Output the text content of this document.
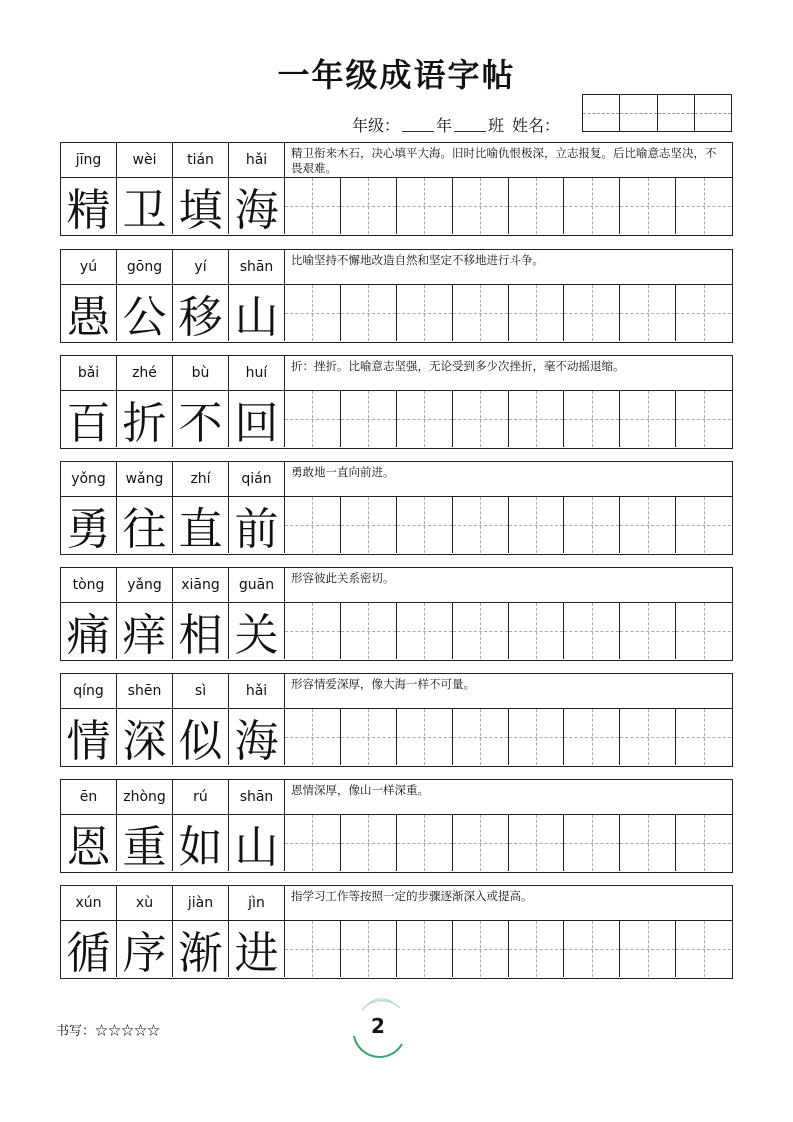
一年级成语字帖
年级： 年 班 姓名：
jīng	wèi	tián	hǎi	精卫衔来木石，决心填平大海。旧时比喻仇恨极深，立志报复。后比喻意志坚决，不畏艰难。
精 卫 填 海
yú	gōng	yí	shān	比喻坚持不懈地改造自然和坚定不移地进行斗争。
愚 公 移 山
bǎi	zhé	bù	huí	折：挫折。比喻意志坚强，无论受到多少次挫折，毫不动摇退缩。
百 折 不 回
yǒng	wǎng	zhí	qián	勇敢地一直向前进。
勇 往 直 前
tòng	yǎng	xiāng	guān	形容彼此关系密切。
痛 痒 相 关
qíng	shēn	sì	hǎi	形容情爱深厚，像大海一样不可量。
情 深 似 海
ēn	zhòng	rú	shān	恩情深厚，像山一样深重。
恩 重 如 山
xún	xù	jiàn	jìn	指学习工作等按照一定的步骤逐渐深入或提高。
循 序 渐 进
书写：☆☆☆☆☆	2
